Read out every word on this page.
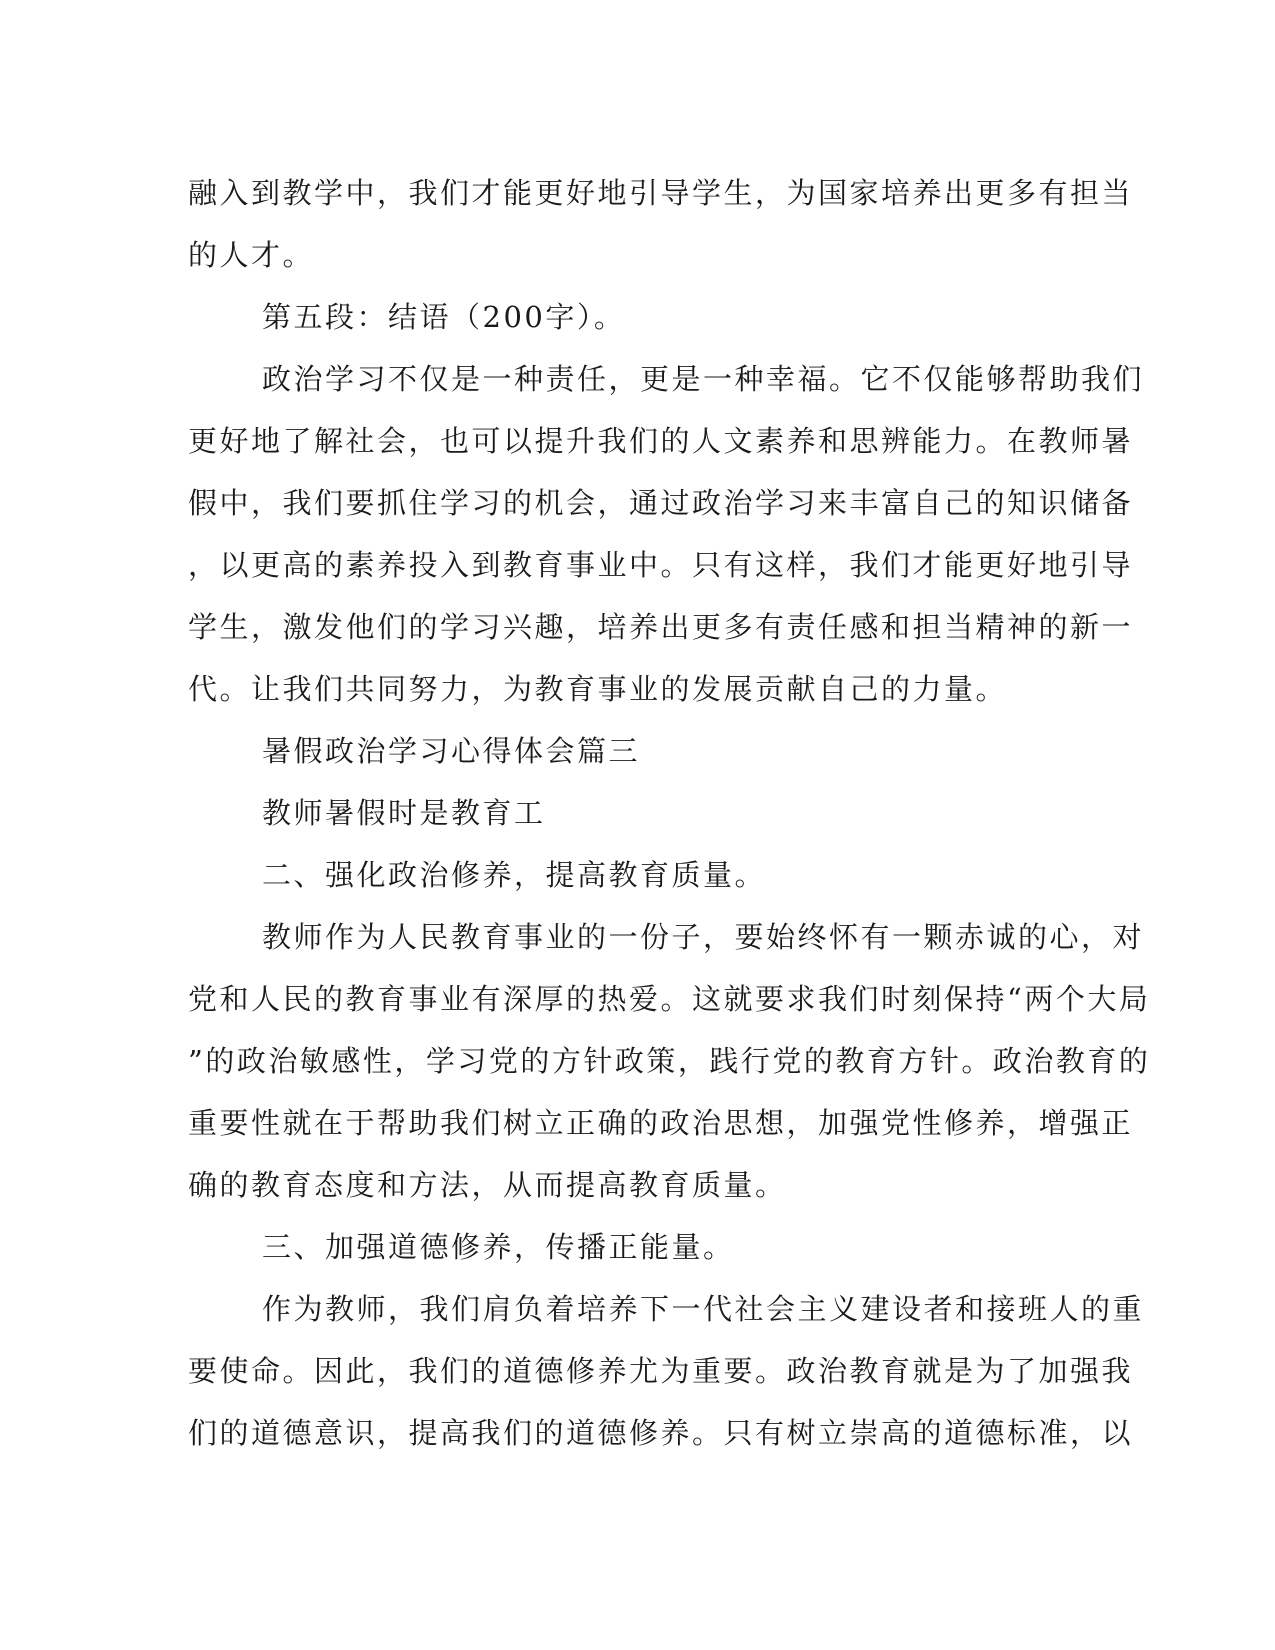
融入到教学中，我们才能更好地引导学生，为国家培养出更多有担当
的人才。
第五段：结语（200字）。
政治学习不仅是一种责任，更是一种幸福。它不仅能够帮助我们
更好地了解社会，也可以提升我们的人文素养和思辨能力。在教师暑
假中，我们要抓住学习的机会，通过政治学习来丰富自己的知识储备
，以更高的素养投入到教育事业中。只有这样，我们才能更好地引导
学生，激发他们的学习兴趣，培养出更多有责任感和担当精神的新一
代。让我们共同努力，为教育事业的发展贡献自己的力量。
暑假政治学习心得体会篇三
教师暑假时是教育工
二、强化政治修养，提高教育质量。
教师作为人民教育事业的一份子，要始终怀有一颗赤诚的心，对
党和人民的教育事业有深厚的热爱。这就要求我们时刻保持“两个大局
”的政治敏感性，学习党的方针政策，践行党的教育方针。政治教育的
重要性就在于帮助我们树立正确的政治思想，加强党性修养，增强正
确的教育态度和方法，从而提高教育质量。
三、加强道德修养，传播正能量。
作为教师，我们肩负着培养下一代社会主义建设者和接班人的重
要使命。因此，我们的道德修养尤为重要。政治教育就是为了加强我
们的道德意识，提高我们的道德修养。只有树立崇高的道德标准，以
